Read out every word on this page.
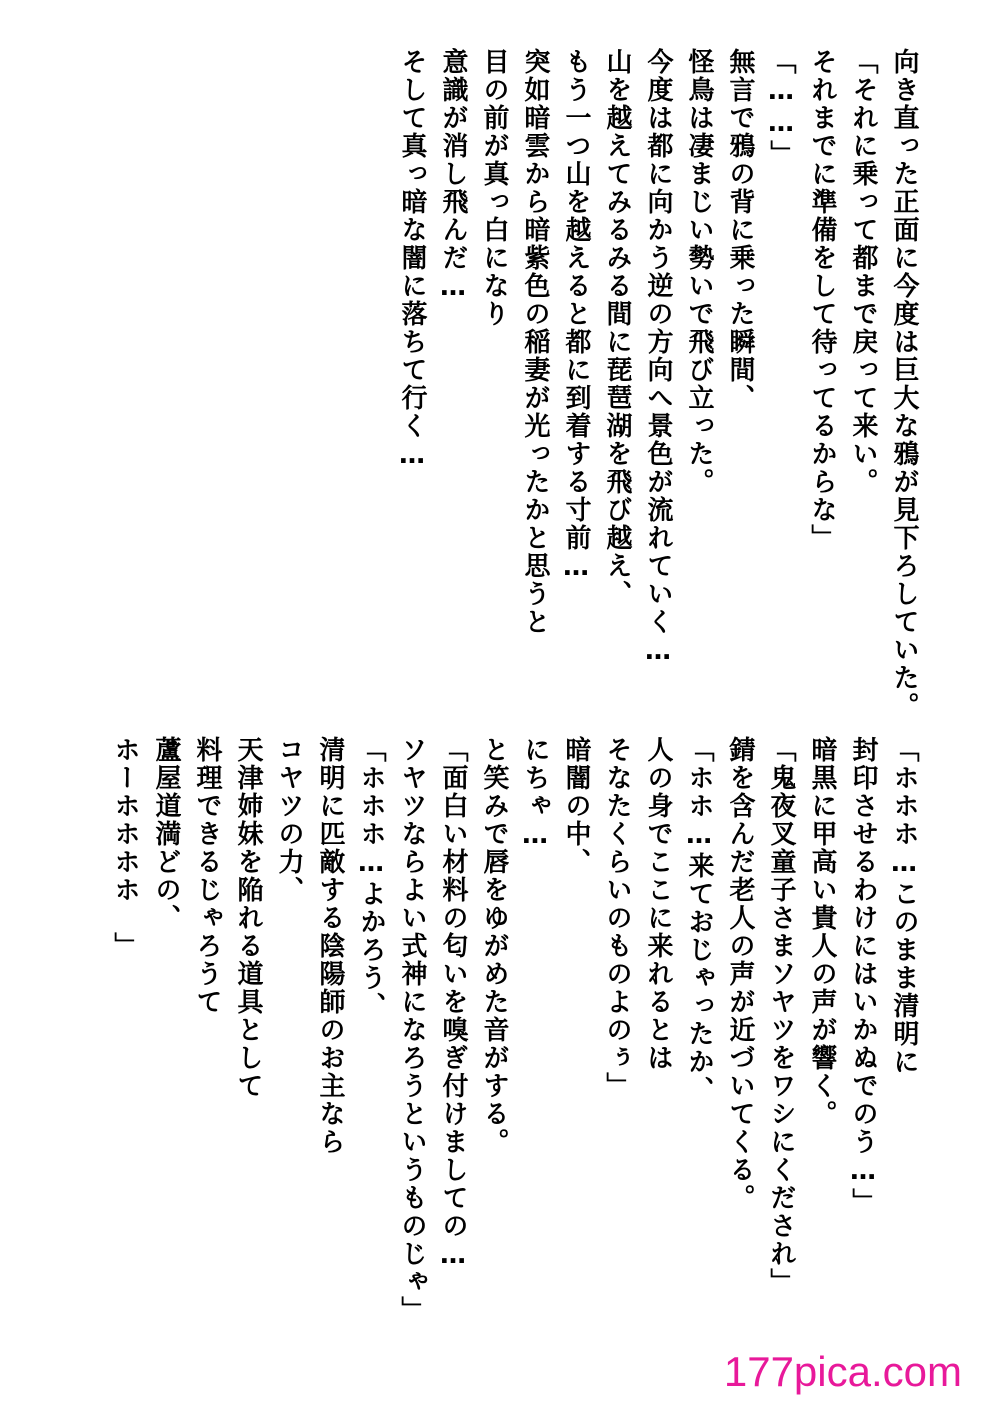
向き直った正面に今度は巨大な鴉が見下ろしていた。
「それに乗って都まで戻って来い。
それまでに準備をして待ってるからな」
「……」
無言で鴉の背に乗った瞬間、
怪鳥は凄まじい勢いで飛び立った。
今度は都に向かう逆の方向へ景色が流れていく…
山を越えてみるみる間に琵琶湖を飛び越え、
もう一つ山を越えると都に到着する寸前…
突如暗雲から暗紫色の稲妻が光ったかと思うと
目の前が真っ白になり
意識が消し飛んだ…
そして真っ暗な闇に落ちて行く…
「ホホホ…このまま清明に
封印させるわけにはいかぬでのう…」
暗黒に甲高い貴人の声が響く。
「鬼夜叉童子さまソヤツをワシにくだされ」
錆を含んだ老人の声が近づいてくる。
「ホホ…来ておじゃったか、
人の身でここに来れるとは
そなたくらいのものよのぅ」
暗闇の中、
にちゃ…
と笑みで唇をゆがめた音がする。
「面白い材料の匂いを嗅ぎ付けましての…
ソヤツならよい式神になろうというものじゃ」
「ホホホ…よかろう、
清明に匹敵する陰陽師のお主なら
コヤツの力、
天津姉妹を陥れる道具として
料理できるじゃろうて
蘆屋道満どの、
ホーホホホホ　」
177pica.com
